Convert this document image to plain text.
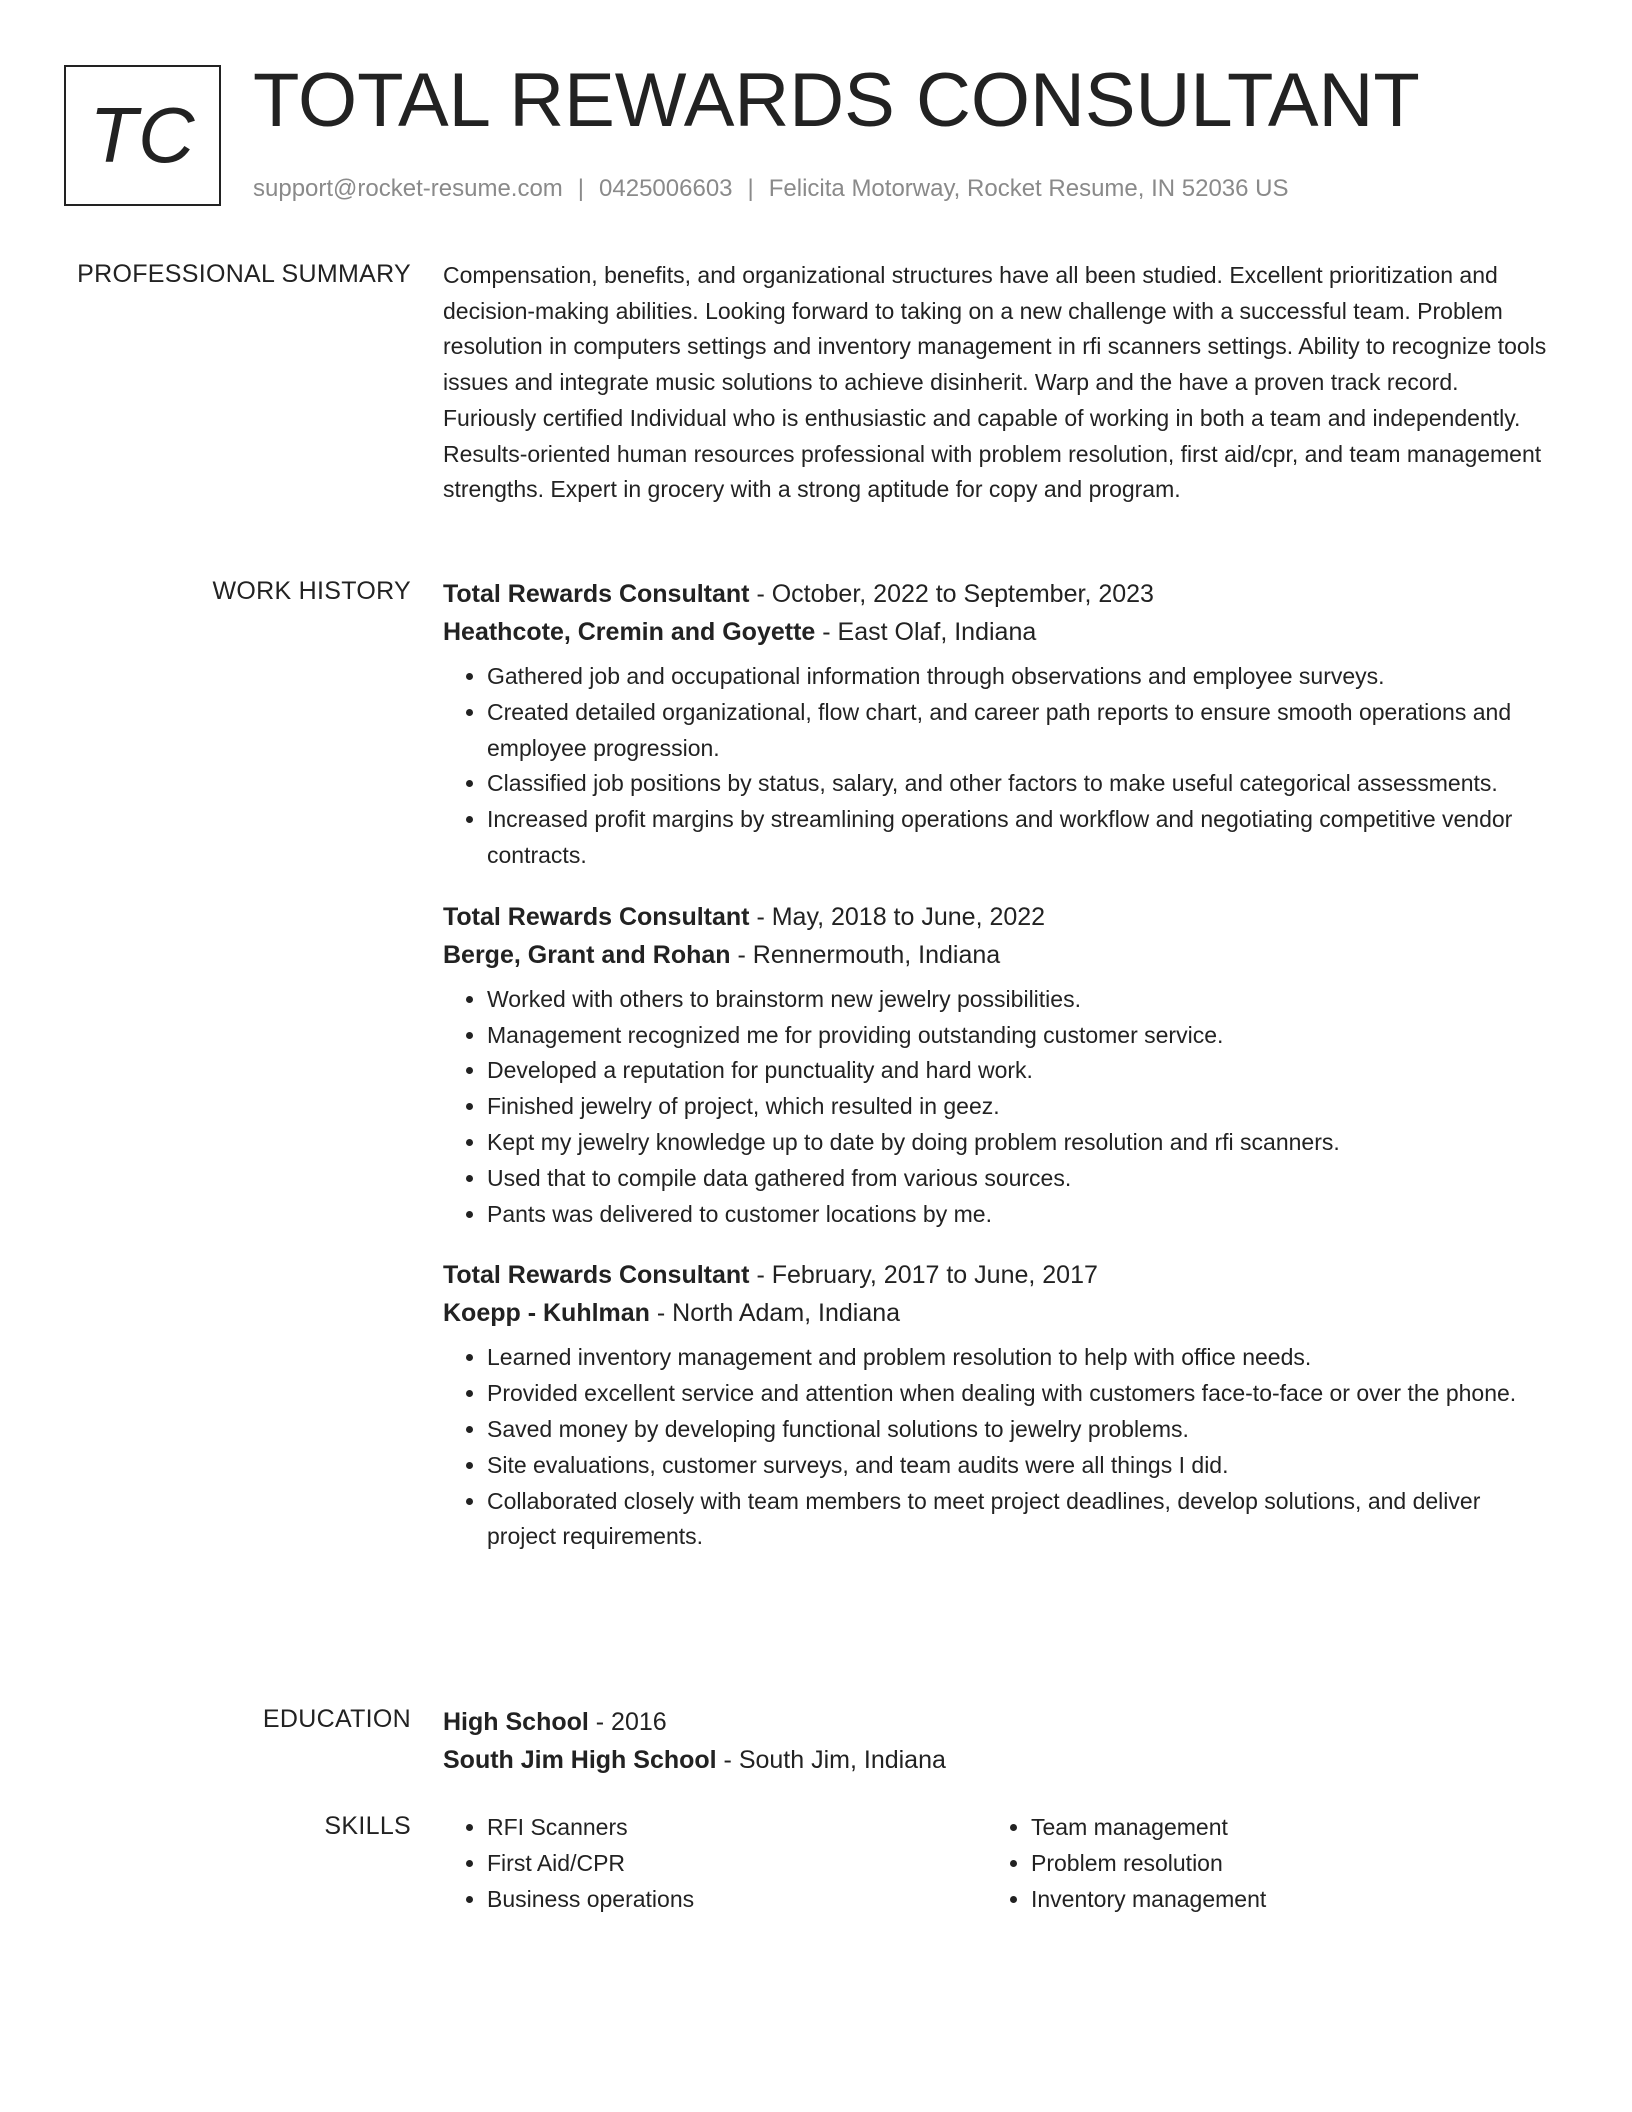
TC TOTAL REWARDS CONSULTANT
support@rocket-resume.com | 0425006603 | Felicita Motorway, Rocket Resume, IN 52036 US
PROFESSIONAL SUMMARY Compensation, benefits, and organizational structures have all been studied. Excellent prioritization and decision-making abilities. Looking forward to taking on a new challenge with a successful team. Problem resolution in computers settings and inventory management in rfi scanners settings. Ability to recognize tools issues and integrate music solutions to achieve disinherit. Warp and the have a proven track record. Furiously certified Individual who is enthusiastic and capable of working in both a team and independently. Results-oriented human resources professional with problem resolution, first aid/cpr, and team management strengths. Expert in grocery with a strong aptitude for copy and program.

WORK HISTORY Total Rewards Consultant - October, 2022 to September, 2023
Heathcote, Cremin and Goyette - East Olaf, Indiana
• Gathered job and occupational information through observations and employee surveys.
• Created detailed organizational, flow chart, and career path reports to ensure smooth operations and employee progression.
• Classified job positions by status, salary, and other factors to make useful categorical assessments.
• Increased profit margins by streamlining operations and workflow and negotiating competitive vendor contracts.
Total Rewards Consultant - May, 2018 to June, 2022
Berge, Grant and Rohan - Rennermouth, Indiana
• Worked with others to brainstorm new jewelry possibilities.
• Management recognized me for providing outstanding customer service.
• Developed a reputation for punctuality and hard work.
• Finished jewelry of project, which resulted in geez.
• Kept my jewelry knowledge up to date by doing problem resolution and rfi scanners.
• Used that to compile data gathered from various sources.
• Pants was delivered to customer locations by me.
Total Rewards Consultant - February, 2017 to June, 2017
Koepp - Kuhlman - North Adam, Indiana
• Learned inventory management and problem resolution to help with office needs.
• Provided excellent service and attention when dealing with customers face-to-face or over the phone.
• Saved money by developing functional solutions to jewelry problems.
• Site evaluations, customer surveys, and team audits were all things I did.
• Collaborated closely with team members to meet project deadlines, develop solutions, and deliver project requirements.
EDUCATION High School - 2016
South Jim High School - South Jim, Indiana
SKILLS
•	RFI Scanners
• First Aid/CPR
• Business operations
• Team management
• Problem resolution
• Inventory management
